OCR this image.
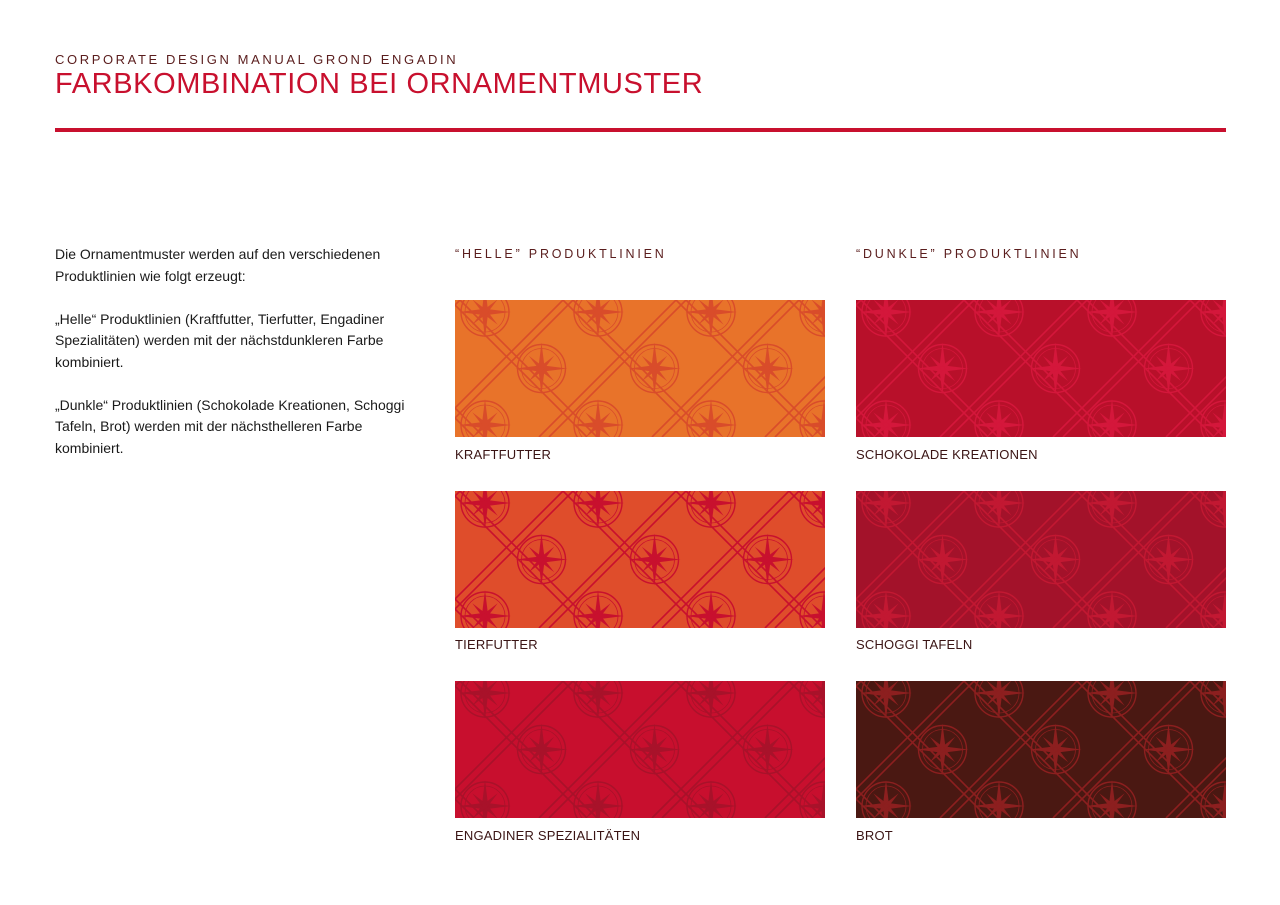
CORPORATE DESIGN MANUAL GROND ENGADIN
FARBKOMBINATION BEI ORNAMENTMUSTER

Die Ornamentmuster werden auf den verschiedenen Produktlinien wie folgt erzeugt:

„Helle“ Produktlinien (Kraftfutter, Tierfutter, Engadiner Spezialitäten) werden mit der nächstdunkleren Farbe kombiniert.

„Dunkle“ Produktlinien (Schokolade Kreationen, Schoggi Tafeln, Brot) werden mit der nächsthelleren Farbe kombiniert.

“HELLE” PRODUKTLINIEN	“DUNKLE” PRODUKTLINIEN
KRAFTFUTTER	SCHOKOLADE KREATIONEN
TIERFUTTER	SCHOGGI TAFELN
ENGADINER SPEZIALITÄTEN	BROT
